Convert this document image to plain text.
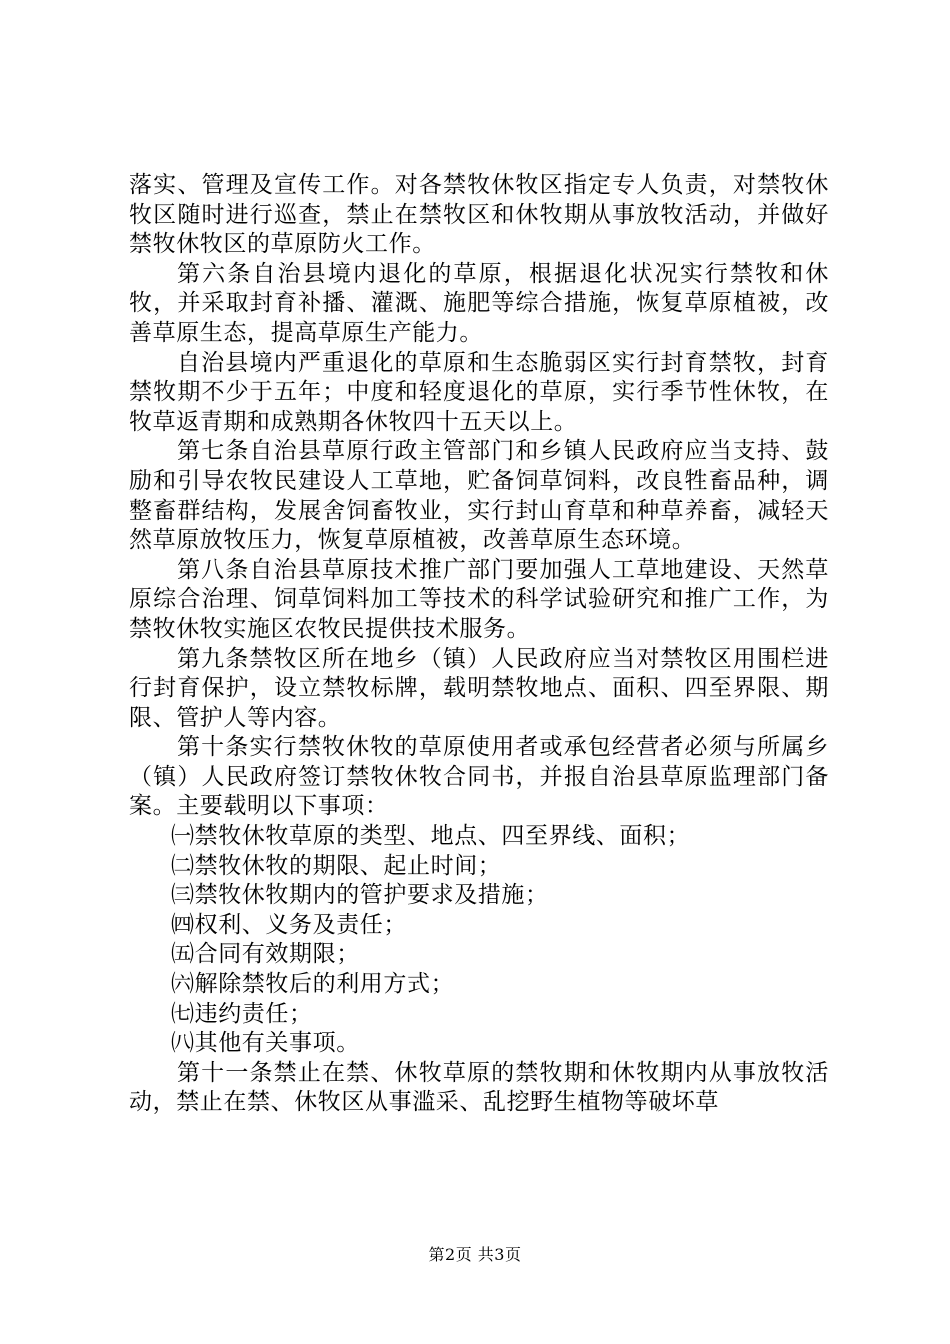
落实、管理及宣传工作。对各禁牧休牧区指定专人负责，对禁牧休牧区随时进行巡查，禁止在禁牧区和休牧期从事放牧活动，并做好禁牧休牧区的草原防火工作。

第六条自治县境内退化的草原，根据退化状况实行禁牧和休牧，并采取封育补播、灌溉、施肥等综合措施，恢复草原植被，改善草原生态，提高草原生产能力。

自治县境内严重退化的草原和生态脆弱区实行封育禁牧，封育禁牧期不少于五年；中度和轻度退化的草原，实行季节性休牧，在牧草返青期和成熟期各休牧四十五天以上。

第七条自治县草原行政主管部门和乡镇人民政府应当支持、鼓励和引导农牧民建设人工草地，贮备饲草饲料，改良牲畜品种，调整畜群结构，发展舍饲畜牧业，实行封山育草和种草养畜，减轻天然草原放牧压力，恢复草原植被，改善草原生态环境。

第八条自治县草原技术推广部门要加强人工草地建设、天然草原综合治理、饲草饲料加工等技术的科学试验研究和推广工作，为禁牧休牧实施区农牧民提供技术服务。

第九条禁牧区所在地乡（镇）人民政府应当对禁牧区用围栏进行封育保护，设立禁牧标牌，载明禁牧地点、面积、四至界限、期限、管护人等内容。

第十条实行禁牧休牧的草原使用者或承包经营者必须与所属乡（镇）人民政府签订禁牧休牧合同书，并报自治县草原监理部门备案。主要载明以下事项：

㈠禁牧休牧草原的类型、地点、四至界线、面积；

㈡禁牧休牧的期限、起止时间；

㈢禁牧休牧期内的管护要求及措施；

㈣权利、义务及责任；

㈤合同有效期限；

㈥解除禁牧后的利用方式；

㈦违约责任；

㈧其他有关事项。

第十一条禁止在禁、休牧草原的禁牧期和休牧期内从事放牧活动，禁止在禁、休牧区从事滥采、乱挖野生植物等破坏草

第2页 共3页
